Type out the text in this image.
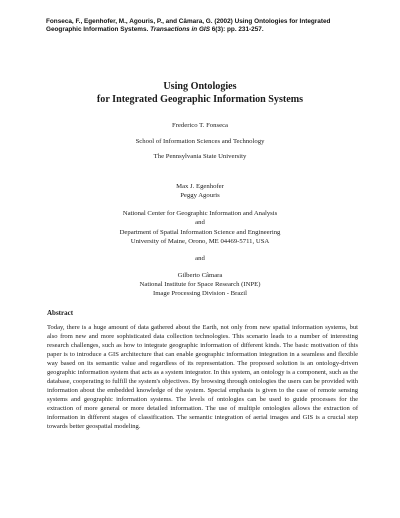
Fonseca, F., Egenhofer, M., Agouris, P., and Câmara, G. (2002) Using Ontologies for Integrated Geographic Information Systems. Transactions in GIS 6(3): pp. 231-257.
Using Ontologies
for Integrated Geographic Information Systems
Frederico T. Fonseca
School of Information Sciences and Technology
The Pennsylvania State University
Max J. Egenhofer
Peggy Agouris
National Center for Geographic Information and Analysis
and
Department of Spatial Information Science and Engineering
University of Maine, Orono, ME 04469-5711, USA
and
Gilberto Câmara
National Institute for Space Research (INPE)
Image Processing Division - Brazil
Abstract
Today, there is a huge amount of data gathered about the Earth, not only from new spatial information systems, but also from new and more sophisticated data collection technologies. This scenario leads to a number of interesting research challenges, such as how to integrate geographic information of different kinds. The basic motivation of this paper is to introduce a GIS architecture that can enable geographic information integration in a seamless and flexible way based on its semantic value and regardless of its representation. The proposed solution is an ontology-driven geographic information system that acts as a system integrator. In this system, an ontology is a component, such as the database, cooperating to fulfill the system's objectives. By browsing through ontologies the users can be provided with information about the embedded knowledge of the system. Special emphasis is given to the case of remote sensing systems and geographic information systems. The levels of ontologies can be used to guide processes for the extraction of more general or more detailed information. The use of multiple ontologies allows the extraction of information in different stages of classification. The semantic integration of aerial images and GIS is a crucial step towards better geospatial modeling.
